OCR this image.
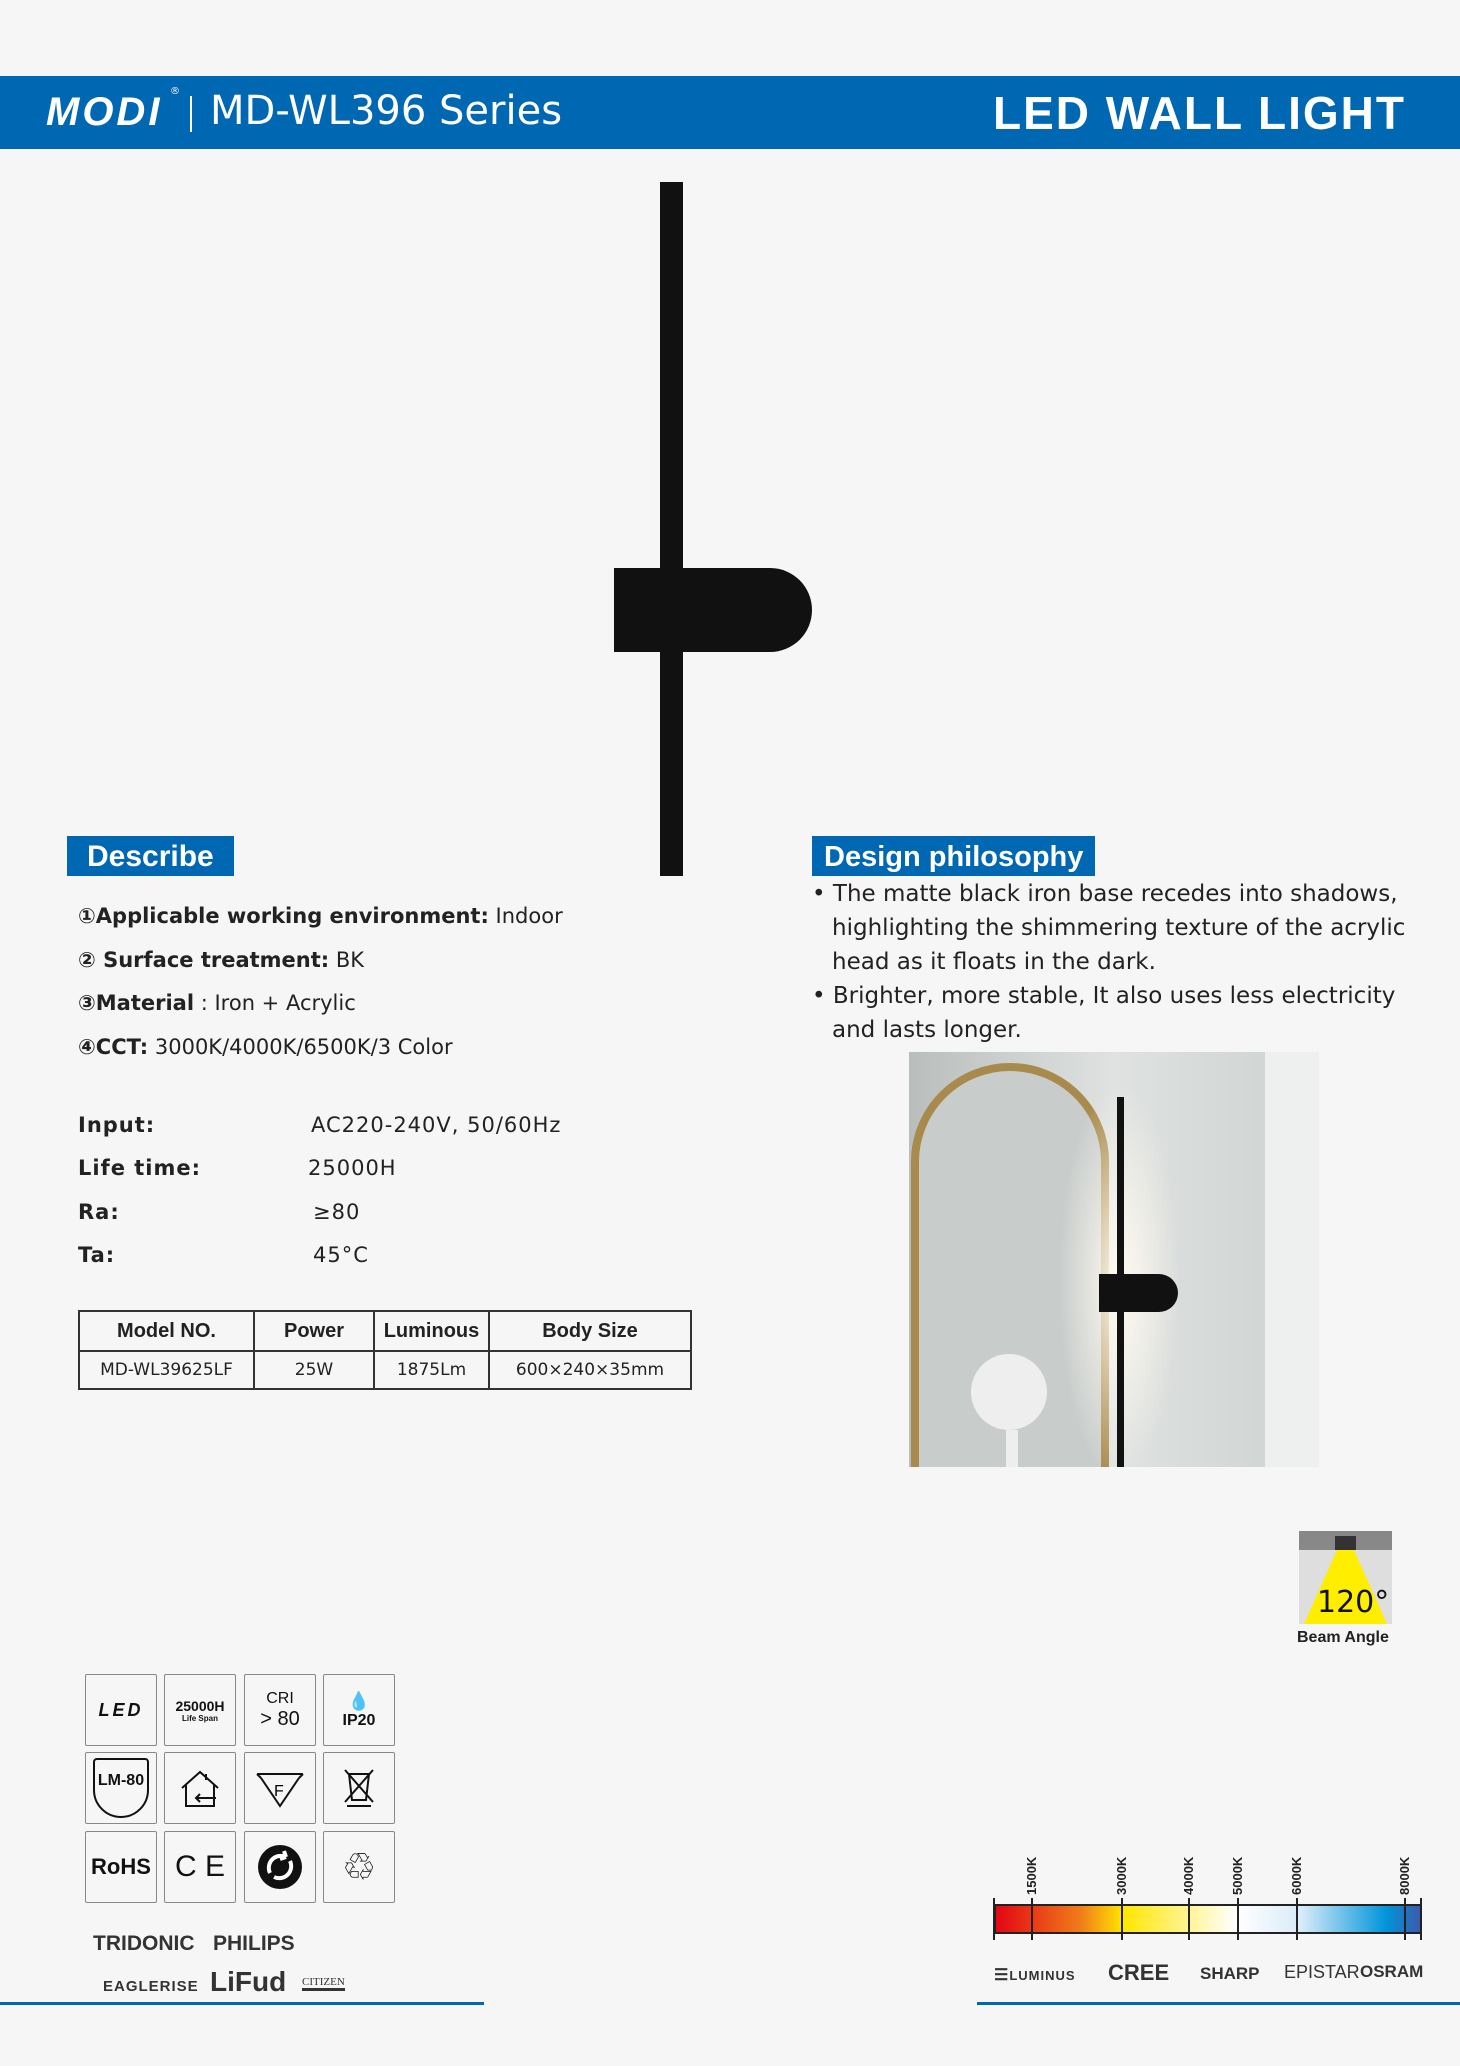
MODI ® MD-WL396 Series	LED WALL LIGHT
Describe
①Applicable working environment: Indoor
② Surface treatment: BK
③Material : Iron + Acrylic
④CCT: 3000K/4000K/6500K/3 Color
Input:	AC220-240V, 50/60Hz
Life time:	25000H
Ra:	≥80
Ta:	45°C
Model NO.	Power	Luminous	Body Size
MD-WL39625LF	25W	1875Lm	600×240×35mm
Design philosophy
• The matte black iron base recedes into shadows, highlighting the shimmering texture of the acrylic head as it floats in the dark.
• Brighter, more stable, It also uses less electricity and lasts longer.
120°
Beam Angle
LED 25000H
Life Span
CRI
> 80
💧
IP20
LM-80
F
RoHS C E	♲
TRIDONIC PHILIPS
EAGLERISE LiFud CITIZEN
1500K	3000K	4000K	5000K	6000K	8000K
☰LUMINUS CREE SHARP EPISTAR OSRAM
